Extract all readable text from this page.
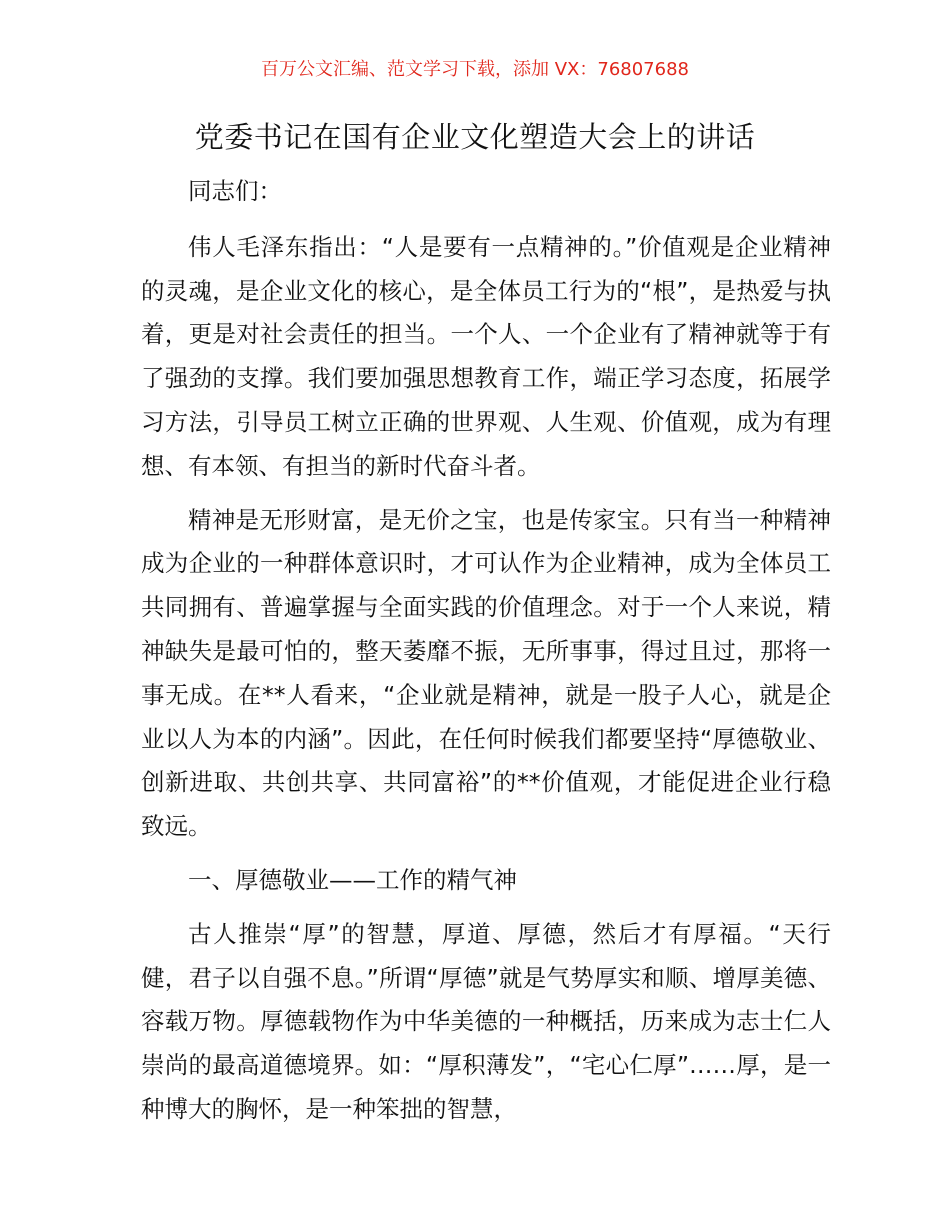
百万公文汇编、范文学习下载，添加 VX：76807688
党委书记在国有企业文化塑造大会上的讲话

同志们：

伟人毛泽东指出：“人是要有一点精神的。”价值观是企业精神的灵魂，是企业文化的核心，是全体员工行为的“根”，是热爱与执着，更是对社会责任的担当。一个人、一个企业有了精神就等于有了强劲的支撑。我们要加强思想教育工作，端正学习态度，拓展学习方法，引导员工树立正确的世界观、人生观、价值观，成为有理想、有本领、有担当的新时代奋斗者。

精神是无形财富，是无价之宝，也是传家宝。只有当一种精神成为企业的一种群体意识时，才可认作为企业精神，成为全体员工共同拥有、普遍掌握与全面实践的价值理念。对于一个人来说，精神缺失是最可怕的，整天萎靡不振，无所事事，得过且过，那将一事无成。在**人看来，“企业就是精神，就是一股子人心，就是企业以人为本的内涵”。因此，在任何时候我们都要坚持“厚德敬业、创新进取、共创共享、共同富裕”的**价值观，才能促进企业行稳致远。

一、厚德敬业——工作的精气神

古人推崇“厚”的智慧，厚道、厚德，然后才有厚福。“天行健，君子以自强不息。”所谓“厚德”就是气势厚实和顺、增厚美德、容载万物。厚德载物作为中华美德的一种概括，历来成为志士仁人崇尚的最高道德境界。如：“厚积薄发”，“宅心仁厚”……厚，是一种博大的胸怀，是一种笨拙的智慧，
